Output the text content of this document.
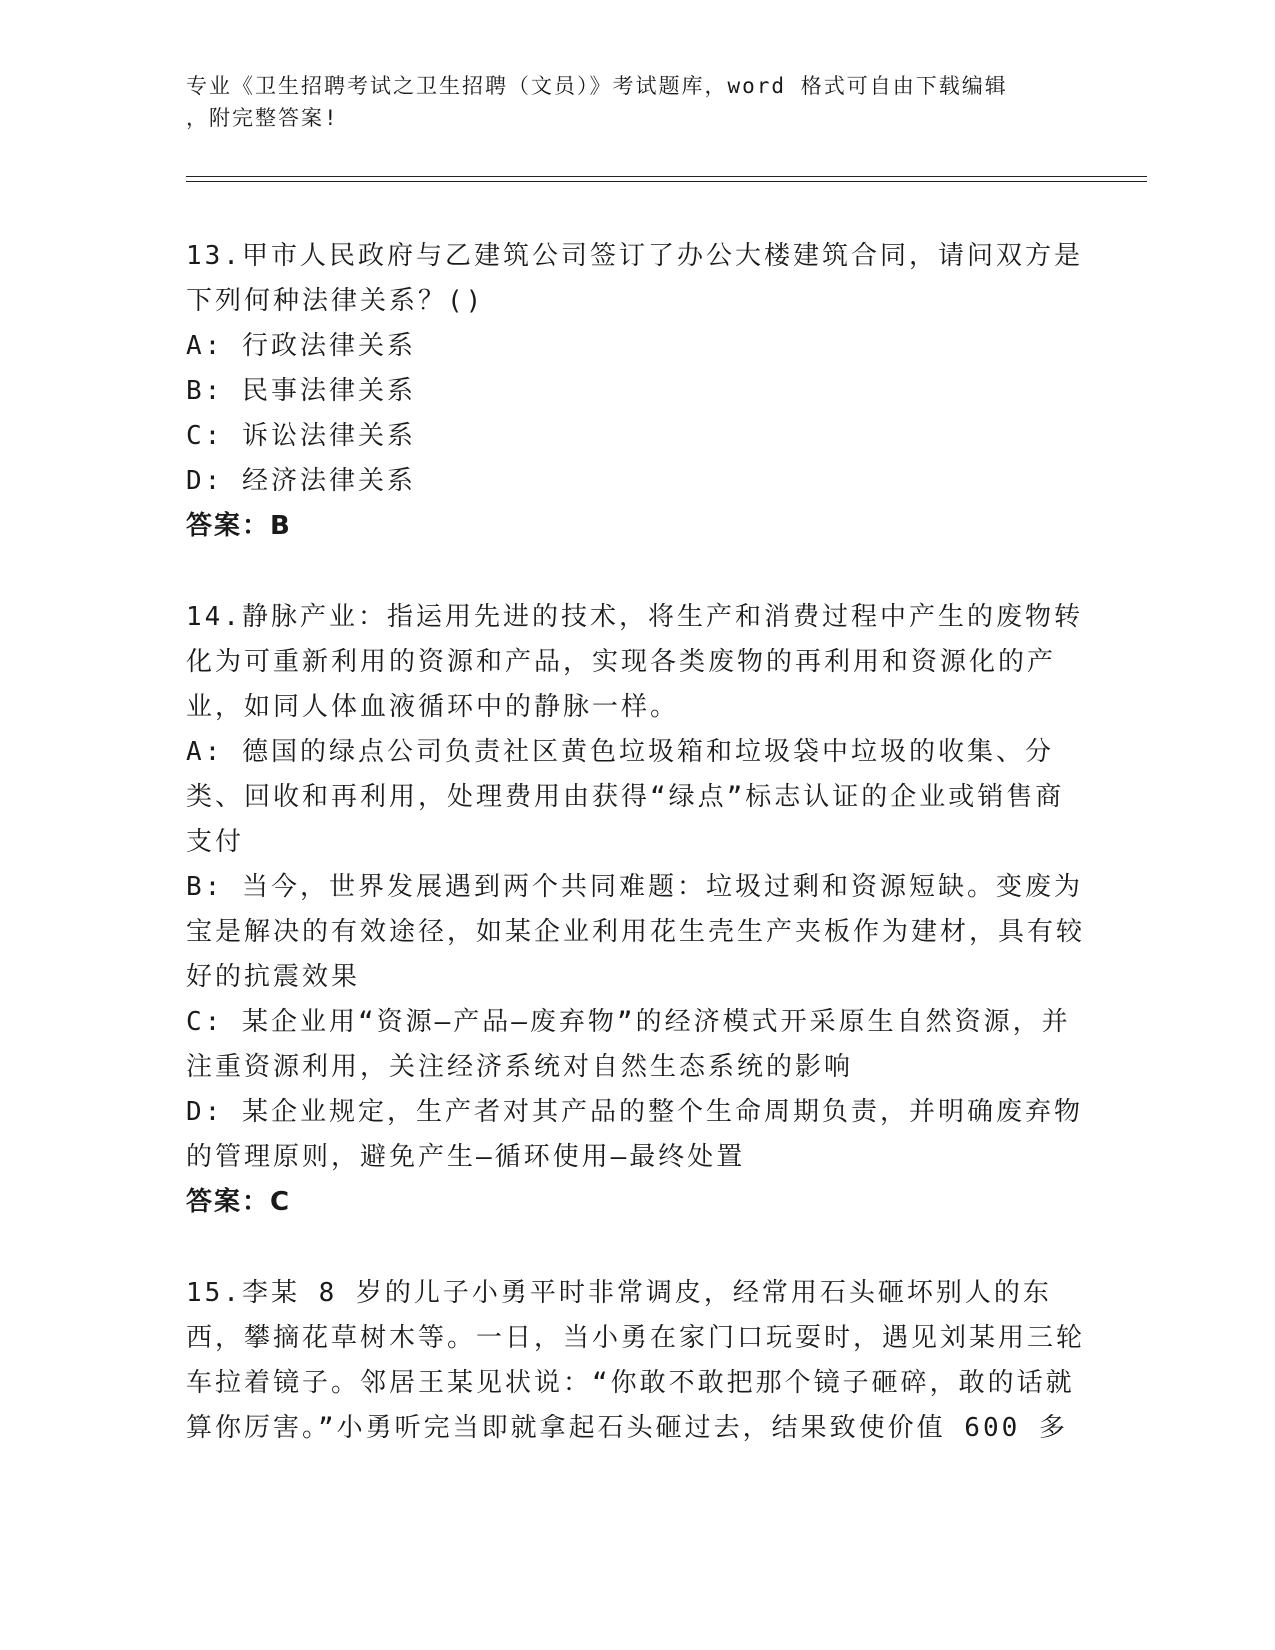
专业《卫生招聘考试之卫生招聘（文员）》考试题库，word 格式可自由下载编辑
，附完整答案!
13.甲市人民政府与乙建筑公司签订了办公大楼建筑合同，请问双方是下列何种法律关系？()
A: 行政法律关系
B: 民事法律关系
C: 诉讼法律关系
D: 经济法律关系
答案：B
14.静脉产业：指运用先进的技术，将生产和消费过程中产生的废物转化为可重新利用的资源和产品，实现各类废物的再利用和资源化的产业，如同人体血液循环中的静脉一样。
A: 德国的绿点公司负责社区黄色垃圾箱和垃圾袋中垃圾的收集、分类、回收和再利用，处理费用由获得“绿点”标志认证的企业或销售商支付
B: 当今，世界发展遇到两个共同难题：垃圾过剩和资源短缺。变废为宝是解决的有效途径，如某企业利用花生壳生产夹板作为建材，具有较好的抗震效果
C: 某企业用“资源—产品—废弃物”的经济模式开采原生自然资源，并注重资源利用，关注经济系统对自然生态系统的影响
D: 某企业规定，生产者对其产品的整个生命周期负责，并明确废弃物的管理原则，避免产生—循环使用—最终处置
答案：C
15.李某 8 岁的儿子小勇平时非常调皮，经常用石头砸坏别人的东西，攀摘花草树木等。一日，当小勇在家门口玩耍时，遇见刘某用三轮车拉着镜子。邻居王某见状说：“你敢不敢把那个镜子砸碎，敢的话就算你厉害。”小勇听完当即就拿起石头砸过去，结果致使价值 600 多
